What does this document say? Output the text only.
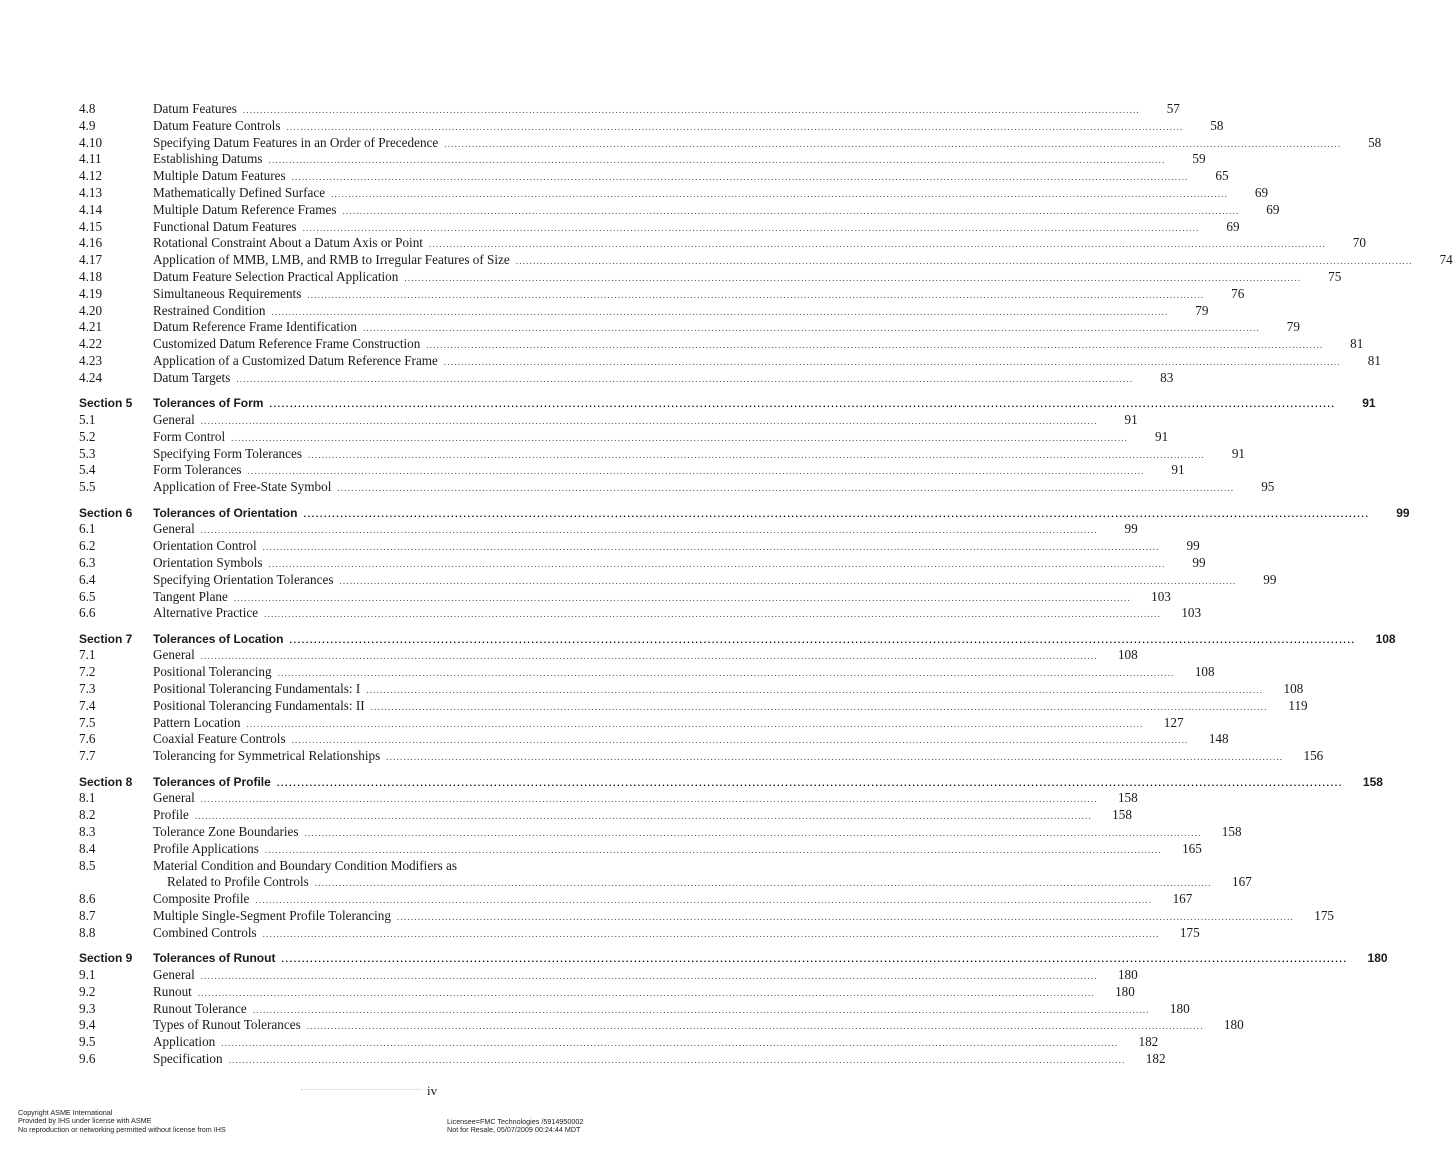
4.8	Datum Features ....................................................................................................................................................................................................................................................................	57
4.9	Datum Feature Controls ....................................................................................................................................................................................................................................................................	58
4.10	Specifying Datum Features in an Order of Precedence ....................................................................................................................................................................................................................................................................	58
4.11	Establishing Datums ....................................................................................................................................................................................................................................................................	59
4.12	Multiple Datum Features ....................................................................................................................................................................................................................................................................	65
4.13	Mathematically Defined Surface ....................................................................................................................................................................................................................................................................	69
4.14	Multiple Datum Reference Frames ....................................................................................................................................................................................................................................................................	69
4.15	Functional Datum Features ....................................................................................................................................................................................................................................................................	69
4.16	Rotational Constraint About a Datum Axis or Point ....................................................................................................................................................................................................................................................................	70
4.17	Application of MMB, LMB, and RMB to Irregular Features of Size ....................................................................................................................................................................................................................................................................	74
4.18	Datum Feature Selection Practical Application ....................................................................................................................................................................................................................................................................	75
4.19	Simultaneous Requirements ....................................................................................................................................................................................................................................................................	76
4.20	Restrained Condition ....................................................................................................................................................................................................................................................................	79
4.21	Datum Reference Frame Identification ....................................................................................................................................................................................................................................................................	79
4.22	Customized Datum Reference Frame Construction ....................................................................................................................................................................................................................................................................	81
4.23	Application of a Customized Datum Reference Frame ....................................................................................................................................................................................................................................................................	81
4.24	Datum Targets ....................................................................................................................................................................................................................................................................	83
Section 5	Tolerances of Form ....................................................................................................................................................................................................................................................................	91
5.1	General ....................................................................................................................................................................................................................................................................	91
5.2	Form Control ....................................................................................................................................................................................................................................................................	91
5.3	Specifying Form Tolerances ....................................................................................................................................................................................................................................................................	91
5.4	Form Tolerances ....................................................................................................................................................................................................................................................................	91
5.5	Application of Free-State Symbol ....................................................................................................................................................................................................................................................................	95
Section 6	Tolerances of Orientation ....................................................................................................................................................................................................................................................................	99
6.1	General ....................................................................................................................................................................................................................................................................	99
6.2	Orientation Control ....................................................................................................................................................................................................................................................................	99
6.3	Orientation Symbols ....................................................................................................................................................................................................................................................................	99
6.4	Specifying Orientation Tolerances ....................................................................................................................................................................................................................................................................	99
6.5	Tangent Plane ....................................................................................................................................................................................................................................................................	103
6.6	Alternative Practice ....................................................................................................................................................................................................................................................................	103
Section 7	Tolerances of Location ....................................................................................................................................................................................................................................................................	108
7.1	General ....................................................................................................................................................................................................................................................................	108
7.2	Positional Tolerancing ....................................................................................................................................................................................................................................................................	108
7.3	Positional Tolerancing Fundamentals: I ....................................................................................................................................................................................................................................................................	108
7.4	Positional Tolerancing Fundamentals: II ....................................................................................................................................................................................................................................................................	119
7.5	Pattern Location ....................................................................................................................................................................................................................................................................	127
7.6	Coaxial Feature Controls ....................................................................................................................................................................................................................................................................	148
7.7	Tolerancing for Symmetrical Relationships ....................................................................................................................................................................................................................................................................	156
Section 8	Tolerances of Profile ....................................................................................................................................................................................................................................................................	158
8.1	General ....................................................................................................................................................................................................................................................................	158
8.2	Profile ....................................................................................................................................................................................................................................................................	158
8.3	Tolerance Zone Boundaries ....................................................................................................................................................................................................................................................................	158
8.4	Profile Applications ....................................................................................................................................................................................................................................................................	165
8.5	Material Condition and Boundary Condition Modifiers as
Related to Profile Controls ....................................................................................................................................................................................................................................................................	167
8.6	Composite Profile ....................................................................................................................................................................................................................................................................	167
8.7	Multiple Single-Segment Profile Tolerancing ....................................................................................................................................................................................................................................................................	175
8.8	Combined Controls ....................................................................................................................................................................................................................................................................	175
Section 9	Tolerances of Runout ....................................................................................................................................................................................................................................................................	180
9.1	General ....................................................................................................................................................................................................................................................................	180
9.2	Runout ....................................................................................................................................................................................................................................................................	180
9.3	Runout Tolerance ....................................................................................................................................................................................................................................................................	180
9.4	Types of Runout Tolerances ....................................................................................................................................................................................................................................................................	180
9.5	Application ....................................................................................................................................................................................................................................................................	182
9.6	Specification ....................................................................................................................................................................................................................................................................	182
iv
Copyright ASME International
Provided by IHS under license with ASME
No reproduction or networking permitted without license from IHS
Licensee=FMC Technologies /5914950002
Not for Resale, 05/07/2009 00:24:44 MDT
